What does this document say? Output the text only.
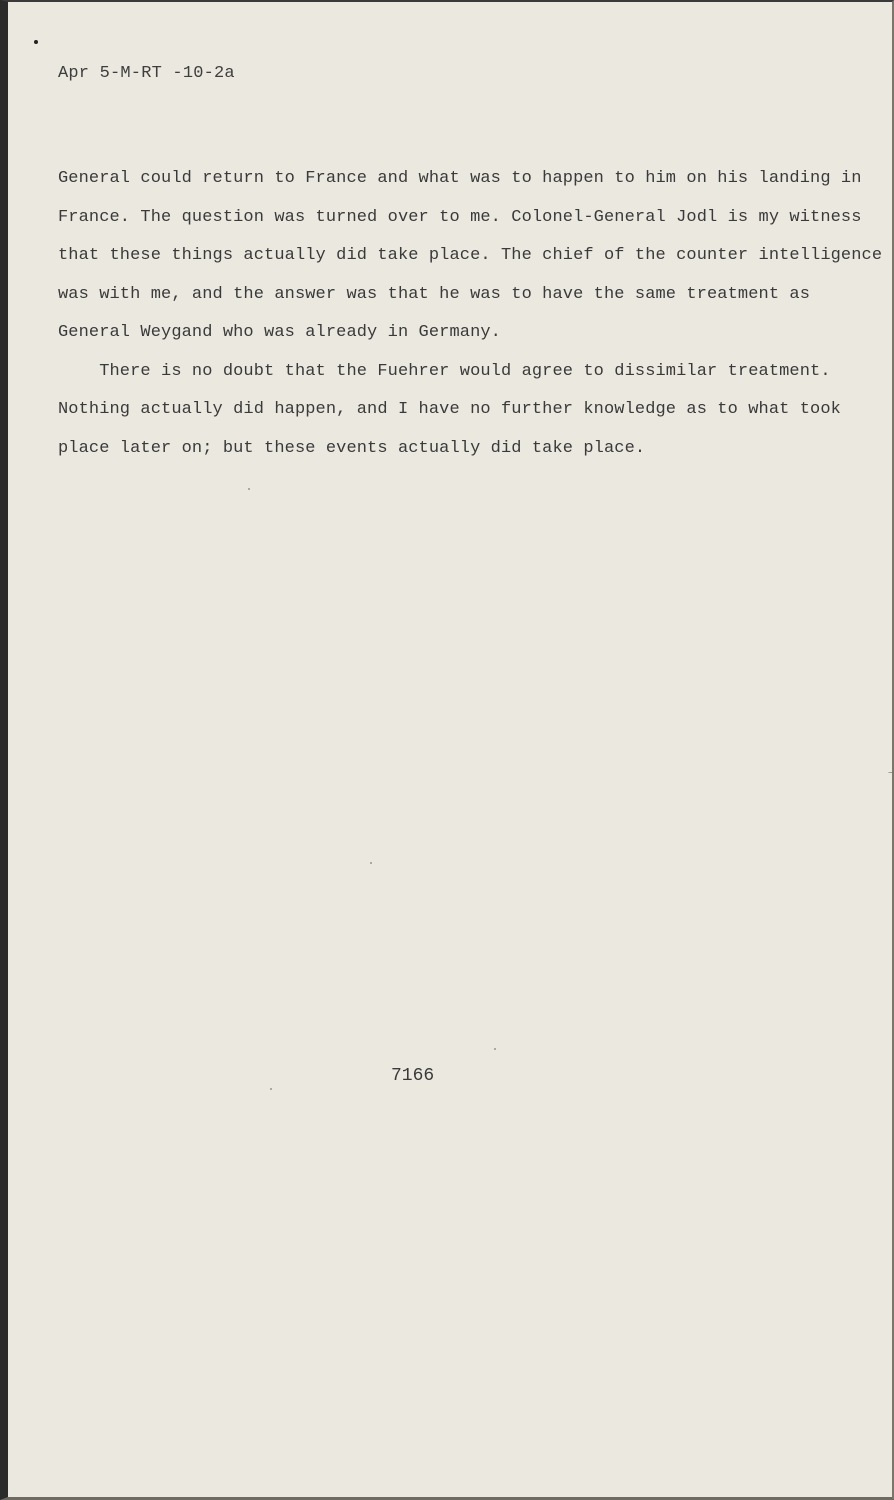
Apr 5-M-RT -10-2a
General could return to France and what was to happen to him on his landing in
France. The question was turned over to me. Colonel-General Jodl is my witness
that these things actually did take place. The chief of the counter intelligence
was with me, and the answer was that he was to have the same treatment as
General Weygand who was already in Germany.
There is no doubt that the Fuehrer would agree to dissimilar treatment.
Nothing actually did happen, and I have no further knowledge as to what took
place later on; but these events actually did take place.
7166
